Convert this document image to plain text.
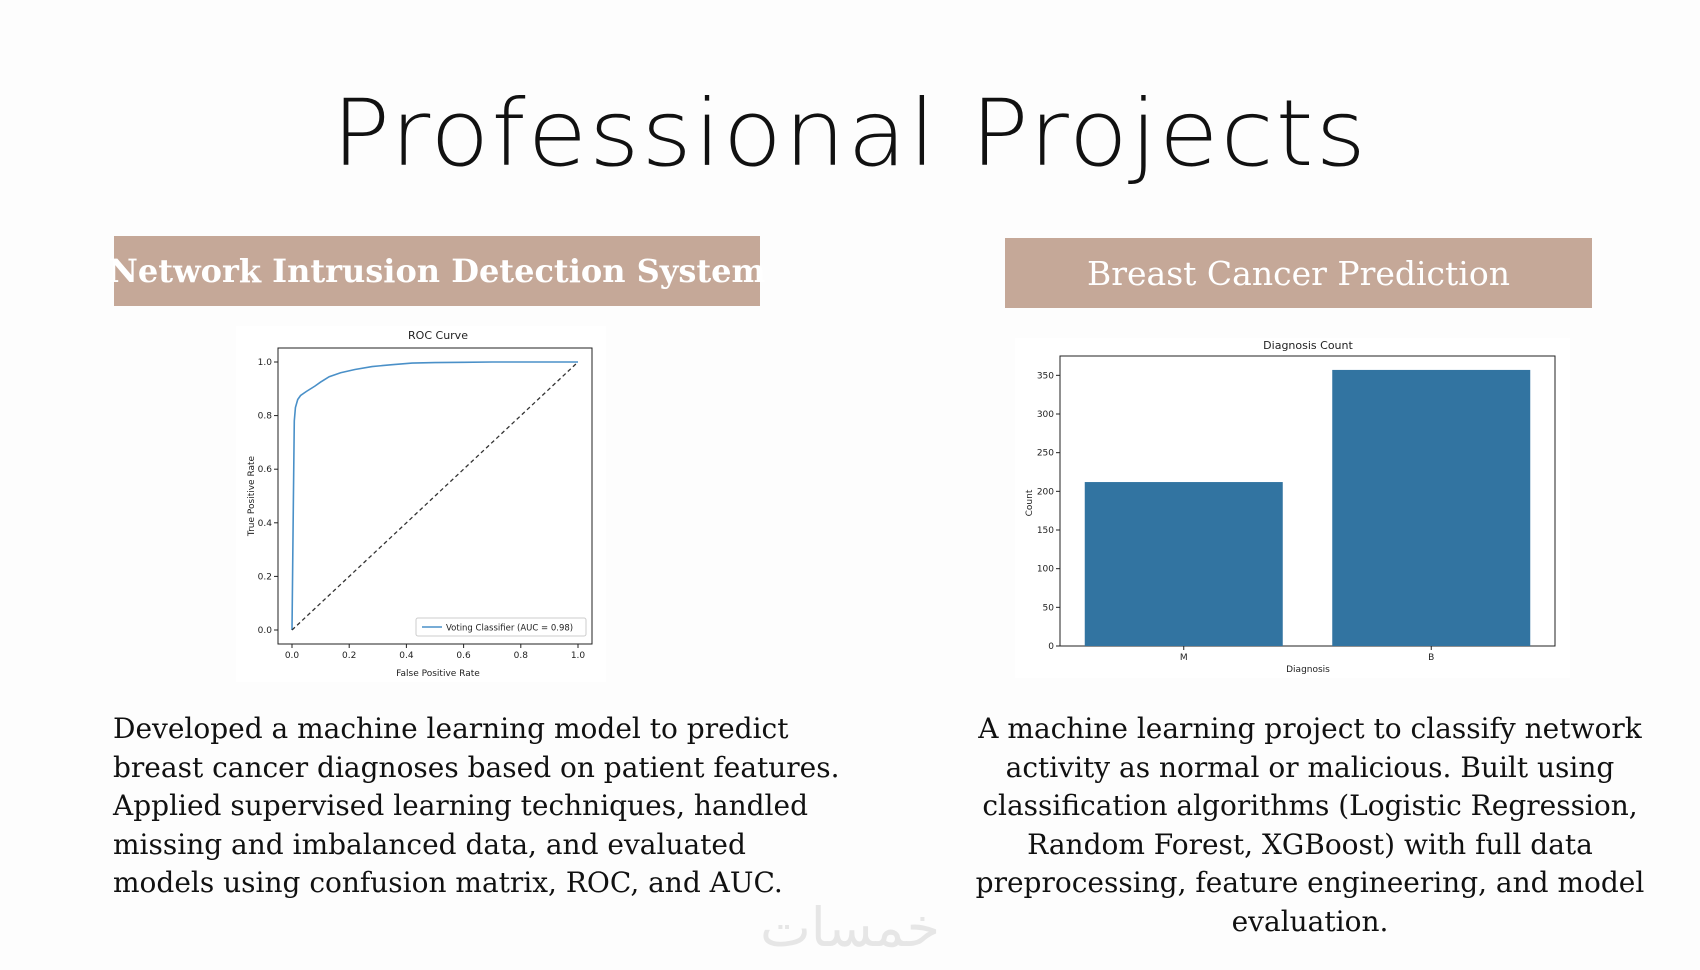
Professional Projects
Network Intrusion Detection System	Breast Cancer Prediction
ROC Curve
False Positive Rate
True Positive Rate
0.0	0.2	0.4	0.6	0.8	1.0
0.0
0.2
0.4
0.6
0.8
1.0
Voting Classifier (AUC = 0.98)
Diagnosis Count
Diagnosis
Count
0
50
100
150
200
250
300
350
M	B
Developed a machine learning model to predict breast cancer diagnoses based on patient features. Applied supervised learning techniques, handled missing and imbalanced data, and evaluated models using confusion matrix, ROC, and AUC.
A machine learning project to classify network activity as normal or malicious. Built using classification algorithms (Logistic Regression, Random Forest, XGBoost) with full data preprocessing, feature engineering, and model evaluation.
خمسات
